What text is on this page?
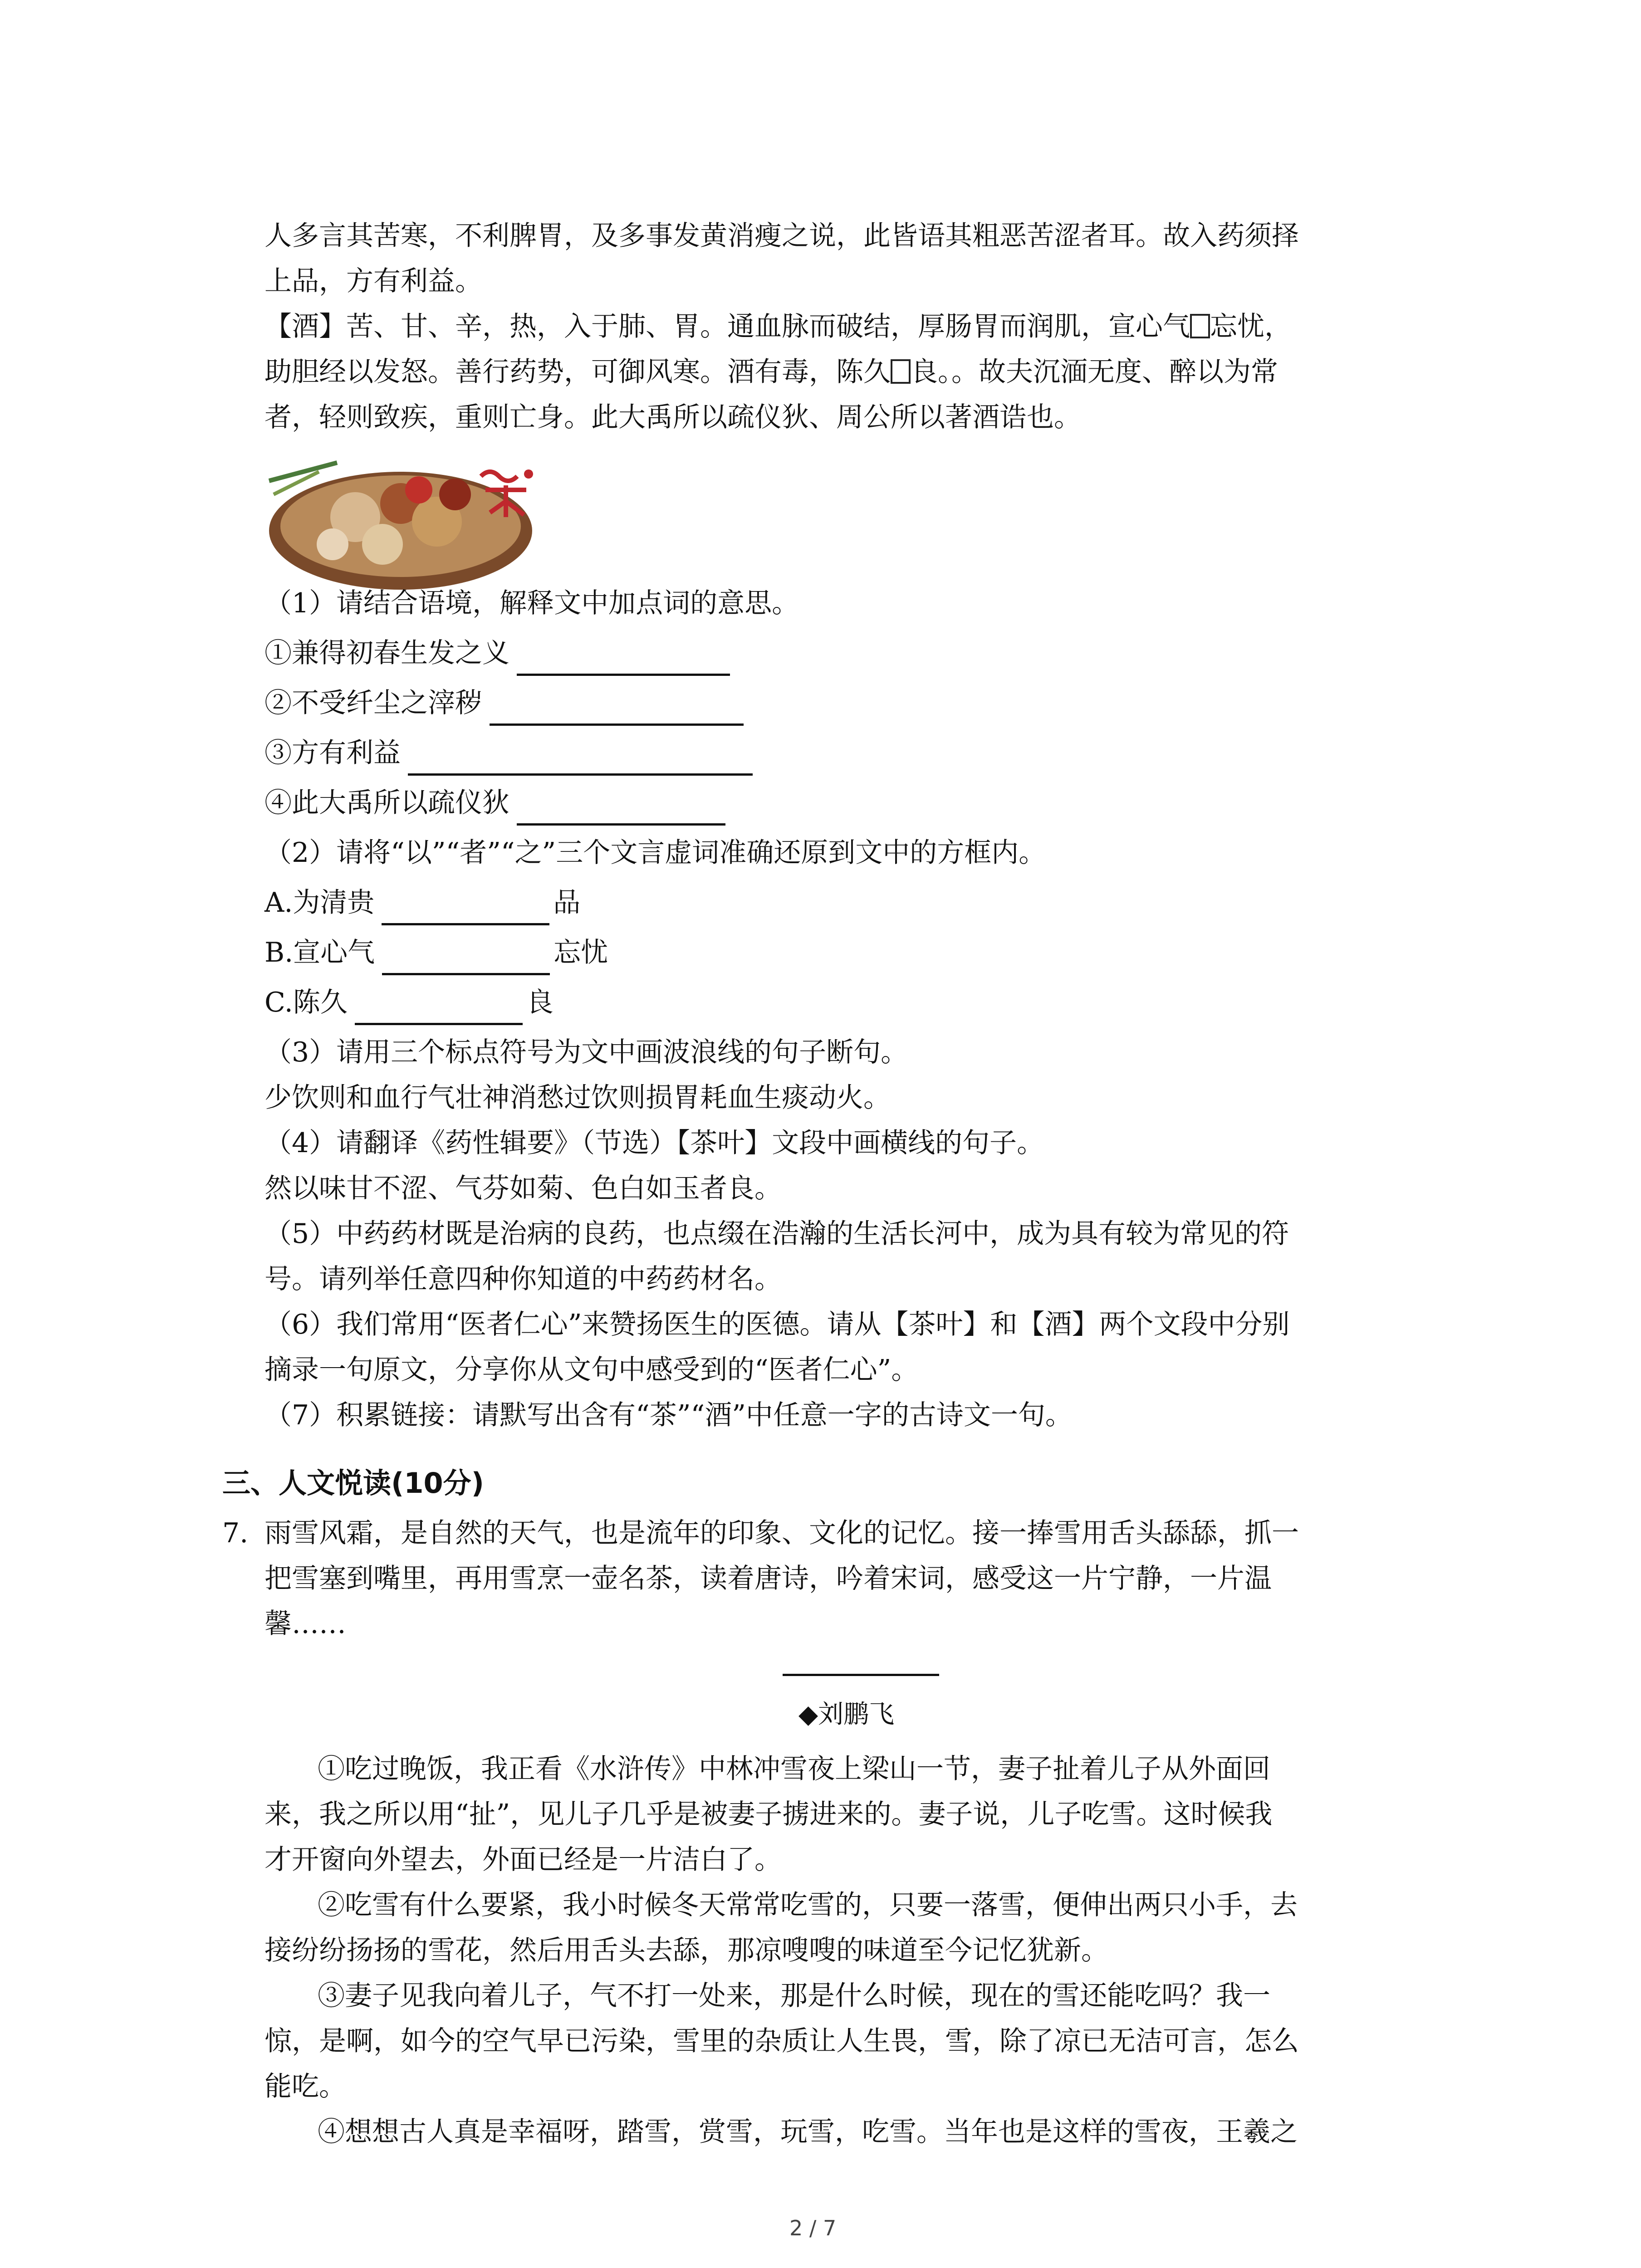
人多言其苦寒，不利脾胃，及多事发黄消瘦之说，此皆语其粗恶苦涩者耳。故入药须择
上品，方有利益。
【酒】苦、甘、辛，热，入于肺、胃。通血脉而破结，厚肠胃而润肌，宣心气 忘忧，
助胆经以发怒。善行药势，可御风寒。酒有毒，陈久 良。。故夫沉湎无度、醉以为常
者，轻则致疾，重则亡身。此大禹所以疏仪狄、周公所以著酒诰也。
（1）请结合语境，解释文中加点词的意思。
①兼得初春生发之义
②不受纤尘之滓秽
③方有利益
④此大禹所以疏仪狄
（2）请将“以”“者”“之”三个文言虚词准确还原到文中的方框内。
A.为清贵	品
B.宣心气	忘忧
C.陈久	良
（3）请用三个标点符号为文中画波浪线的句子断句。
少饮则和血行气壮神消愁过饮则损胃耗血生痰动火。
（4）请翻译《药性辑要》（节选）【茶叶】文段中画横线的句子。
然以味甘不涩、气芬如菊、色白如玉者良。
（5）中药药材既是治病的良药，也点缀在浩瀚的生活长河中，成为具有较为常见的符
号。请列举任意四种你知道的中药药材名。
（6）我们常用“医者仁心”来赞扬医生的医德。请从【茶叶】和【酒】两个文段中分别
摘录一句原文，分享你从文句中感受到的“医者仁心”。
（7）积累链接：请默写出含有“茶”“酒”中任意一字的古诗文一句。
三、人文悦读(10分)
7. 雨雪风霜，是自然的天气，也是流年的印象、文化的记忆。接一捧雪用舌头舔舔，抓一
把雪塞到嘴里，再用雪烹一壶名茶，读着唐诗，吟着宋词，感受这一片宁静，一片温
馨……
◆刘鹏飞
①吃过晚饭，我正看《水浒传》中林冲雪夜上梁山一节，妻子扯着儿子从外面回
来，我之所以用“扯”，见儿子几乎是被妻子掳进来的。妻子说，儿子吃雪。这时候我
才开窗向外望去，外面已经是一片洁白了。
②吃雪有什么要紧，我小时候冬天常常吃雪的，只要一落雪，便伸出两只小手，去
接纷纷扬扬的雪花，然后用舌头去舔，那凉嗖嗖的味道至今记忆犹新。
③妻子见我向着儿子，气不打一处来，那是什么时候，现在的雪还能吃吗？我一
惊，是啊，如今的空气早已污染，雪里的杂质让人生畏，雪，除了凉已无洁可言，怎么
能吃。
④想想古人真是幸福呀，踏雪，赏雪，玩雪，吃雪。当年也是这样的雪夜，王羲之
2 / 7
